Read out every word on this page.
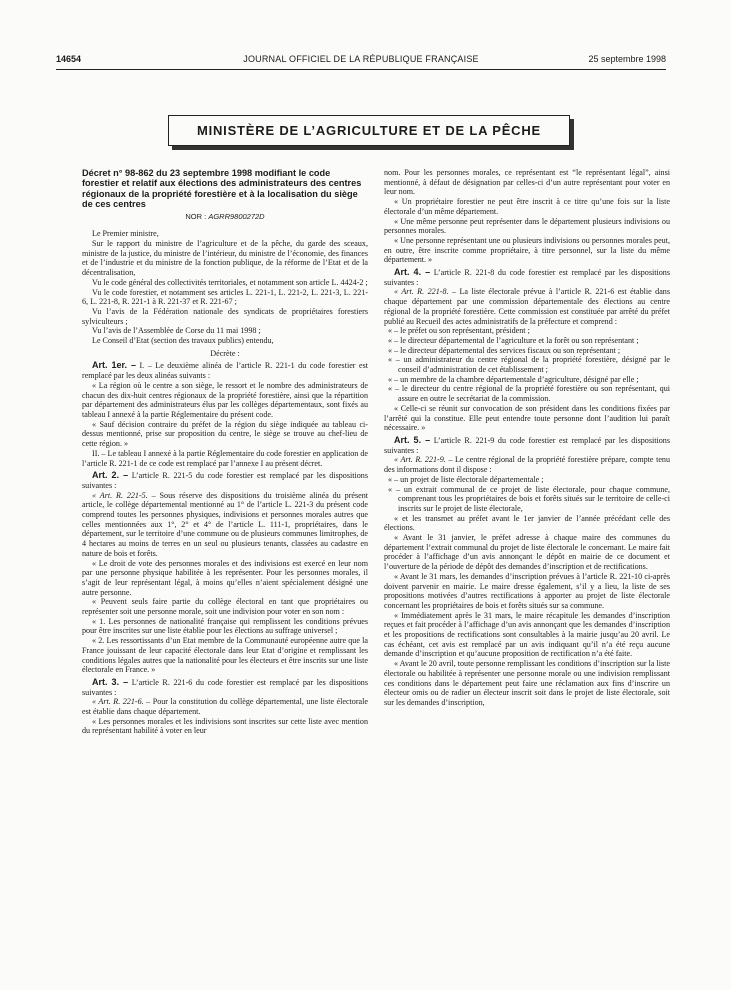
14654	JOURNAL OFFICIEL DE LA RÉPUBLIQUE FRANÇAISE	25 septembre 1998
MINISTÈRE DE L’AGRICULTURE ET DE LA PÊCHE

Décret n° 98-862 du 23 septembre 1998 modifiant le code forestier et relatif aux élections des administrateurs des centres régionaux de la propriété forestière et à la localisation du siège de ces centres

NOR : AGRR9800272D

Le Premier ministre,

Sur le rapport du ministre de l’agriculture et de la pêche, du garde des sceaux, ministre de la justice, du ministre de l’intérieur, du ministre de l’économie, des finances et de l’industrie et du ministre de la fonction publique, de la réforme de l’Etat et de la décentralisation,

Vu le code général des collectivités territoriales, et notamment son article L. 4424-2 ;

Vu le code forestier, et notamment ses articles L. 221-1, L. 221-2, L. 221-3, L. 221-6, L. 221-8, R. 221-1 à R. 221-37 et R. 221-67 ;

Vu l’avis de la Fédération nationale des syndicats de propriétaires forestiers sylviculteurs ;

Vu l’avis de l’Assemblée de Corse du 11 mai 1998 ;

Le Conseil d’Etat (section des travaux publics) entendu,

Décrète :

Art. 1er. – I. – Le deuxième alinéa de l’article R. 221-1 du code forestier est remplacé par les deux alinéas suivants :

« La région où le centre a son siège, le ressort et le nombre des administrateurs de chacun des dix-huit centres régionaux de la propriété forestière, ainsi que la répartition par département des administrateurs élus par les collèges départementaux, sont fixés au tableau I annexé à la partie Réglementaire du présent code.

« Sauf décision contraire du préfet de la région du siège indiquée au tableau ci-dessus mentionné, prise sur proposition du centre, le siège se trouve au chef-lieu de cette région. »

II. – Le tableau I annexé à la partie Réglementaire du code forestier en application de l’article R. 221-1 de ce code est remplacé par l’annexe I au présent décret.

Art. 2. – L’article R. 221-5 du code forestier est remplacé par les dispositions suivantes :

« Art. R. 221-5. – Sous réserve des dispositions du troisième alinéa du présent article, le collège départemental mentionné au 1° de l’article L. 221-3 du présent code comprend toutes les personnes physiques, indivisions et personnes morales autres que celles mentionnées aux 1°, 2° et 4° de l’article L. 111-1, propriétaires, dans le département, sur le territoire d’une commune ou de plusieurs communes limitrophes, de 4 hectares au moins de terres en un seul ou plusieurs tenants, classées au cadastre en nature de bois et forêts.

« Le droit de vote des personnes morales et des indivisions est exercé en leur nom par une personne physique habilitée à les représenter. Pour les personnes morales, il s’agit de leur représentant légal, à moins qu’elles n’aient spécialement désigné une autre personne.

« Peuvent seuls faire partie du collège électoral en tant que propriétaires ou représenter soit une personne morale, soit une indivision pour voter en son nom :

« 1. Les personnes de nationalité française qui remplissent les conditions prévues pour être inscrites sur une liste établie pour les élections au suffrage universel ;

« 2. Les ressortissants d’un Etat membre de la Communauté européenne autre que la France jouissant de leur capacité électorale dans leur Etat d’origine et remplissant les conditions légales autres que la nationalité pour les électeurs et être inscrits sur une liste électorale en France. »

Art. 3. – L’article R. 221-6 du code forestier est remplacé par les dispositions suivantes :

« Art. R. 221-6. – Pour la constitution du collège départemental, une liste électorale est établie dans chaque département.

« Les personnes morales et les indivisions sont inscrites sur cette liste avec mention du représentant habilité à voter en leur

nom. Pour les personnes morales, ce représentant est “le représentant légal”, ainsi mentionné, à défaut de désignation par celles-ci d’un autre représentant pour voter en leur nom.

« Un propriétaire forestier ne peut être inscrit à ce titre qu’une fois sur la liste électorale d’un même département.

« Une même personne peut représenter dans le département plusieurs indivisions ou personnes morales.

« Une personne représentant une ou plusieurs indivisions ou personnes morales peut, en outre, être inscrite comme propriétaire, à titre personnel, sur la liste du même département. »

Art. 4. – L’article R. 221-8 du code forestier est remplacé par les dispositions suivantes :

« Art. R. 221-8. – La liste électorale prévue à l’article R. 221-6 est établie dans chaque département par une commission départementale des élections au centre régional de la propriété forestière. Cette commission est constituée par arrêté du préfet publié au Recueil des actes administratifs de la préfecture et comprend :

« – le préfet ou son représentant, président ;

« – le directeur départemental de l’agriculture et la forêt ou son représentant ;

« – le directeur départemental des services fiscaux ou son représentant ;

« – un administrateur du centre régional de la propriété forestière, désigné par le conseil d’administration de cet établissement ;

« – un membre de la chambre départementale d’agriculture, désigné par elle ;

« – le directeur du centre régional de la propriété forestière ou son représentant, qui assure en outre le secrétariat de la commission.

« Celle-ci se réunit sur convocation de son président dans les conditions fixées par l’arrêté qui la constitue. Elle peut entendre toute personne dont l’audition lui paraît nécessaire. »

Art. 5. – L’article R. 221-9 du code forestier est remplacé par les dispositions suivantes :

« Art. R. 221-9. – Le centre régional de la propriété forestière prépare, compte tenu des informations dont il dispose :

« – un projet de liste électorale départementale ;

« – un extrait communal de ce projet de liste électorale, pour chaque commune, comprenant tous les propriétaires de bois et forêts situés sur le territoire de celle-ci inscrits sur le projet de liste électorale,

« et les transmet au préfet avant le 1er janvier de l’année précédant celle des élections.

« Avant le 31 janvier, le préfet adresse à chaque maire des communes du département l’extrait communal du projet de liste électorale le concernant. Le maire fait procéder à l’affichage d’un avis annonçant le dépôt en mairie de ce document et l’ouverture de la période de dépôt des demandes d’inscription et de rectifications.

« Avant le 31 mars, les demandes d’inscription prévues à l’article R. 221-10 ci-après doivent parvenir en mairie. Le maire dresse également, s’il y a lieu, la liste de ses propositions motivées d’autres rectifications à apporter au projet de liste électorale concernant les propriétaires de bois et forêts situés sur sa commune.

« Immédiatement après le 31 mars, le maire récapitule les demandes d’inscription reçues et fait procéder à l’affichage d’un avis annonçant que les demandes d’inscription et les propositions de rectifications sont consultables à la mairie jusqu’au 20 avril. Le cas échéant, cet avis est remplacé par un avis indiquant qu’il n’a été reçu aucune demande d’inscription et qu’aucune proposition de rectification n’a été faite.

« Avant le 20 avril, toute personne remplissant les conditions d’inscription sur la liste électorale ou habilitée à représenter une personne morale ou une indivision remplissant ces conditions dans le département peut faire une réclamation aux fins d’inscrire un électeur omis ou de radier un électeur inscrit soit dans le projet de liste électorale, soit sur les demandes d’inscription,
